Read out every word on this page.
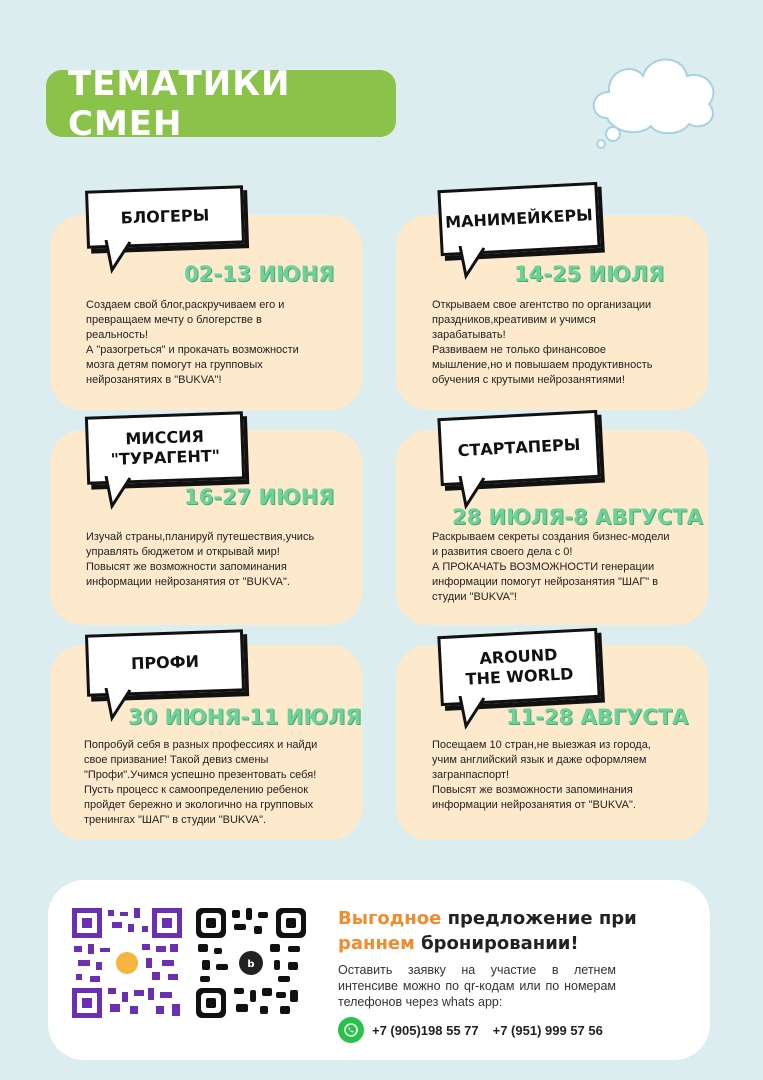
ТЕМАТИКИ СМЕН
БЛОГЕРЫ
02-13 ИЮНЯ
Создаем свой блог,раскручиваем его и превращаем мечту о блогерстве в реальность!
А "разогреться" и прокачать возможности мозга детям помогут на групповых нейрозанятиях в "BUKVA"!
МАНИМЕЙКЕРЫ
14-25 ИЮЛЯ
Открываем свое агентство по организации праздников,креативим и учимся зарабатывать!
Развиваем не только финансовое мышление,но и повышаем продуктивность обучения с крутыми нейрозанятиями!
МИССИЯ
"ТУРАГЕНТ"
16-27 ИЮНЯ
Изучай страны,планируй путешествия,учись управлять бюджетом и открывай мир!
Повысят же возможности запоминания информации нейрозанятия от "BUKVA".
СТАРТАПЕРЫ
28 ИЮЛЯ-8 АВГУСТА
Раскрываем секреты создания бизнес-модели и развития своего дела с 0!
А ПРОКАЧАТЬ ВОЗМОЖНОСТИ генерации информации помогут нейрозанятия "ШАГ" в студии "BUKVA"!
ПРОФИ
30 ИЮНЯ-11 ИЮЛЯ
Попробуй себя в разных профессиях и найди свое призвание! Такой девиз смены "Профи".Учимся успешно презентовать себя!
Пусть процесс к самоопределению ребенок пройдет бережно и экологично на групповых тренингах "ШАГ" в студии "BUKVA".
AROUND
THE WORLD
11-28 АВГУСТА
Посещаем 10 стран,не выезжая из города, учим английский язык и даже оформляем загранпаспорт!
Повысят же возможности запоминания информации нейрозанятия от "BUKVA".
b
Выгодное предложение при
раннем бронировании!
Оставить заявку на участие в летнем интенсиве можно по qr-кодам или по номерам телефонов через whats app:
+7 (905)198 55 77 +7 (951) 999 57 56
